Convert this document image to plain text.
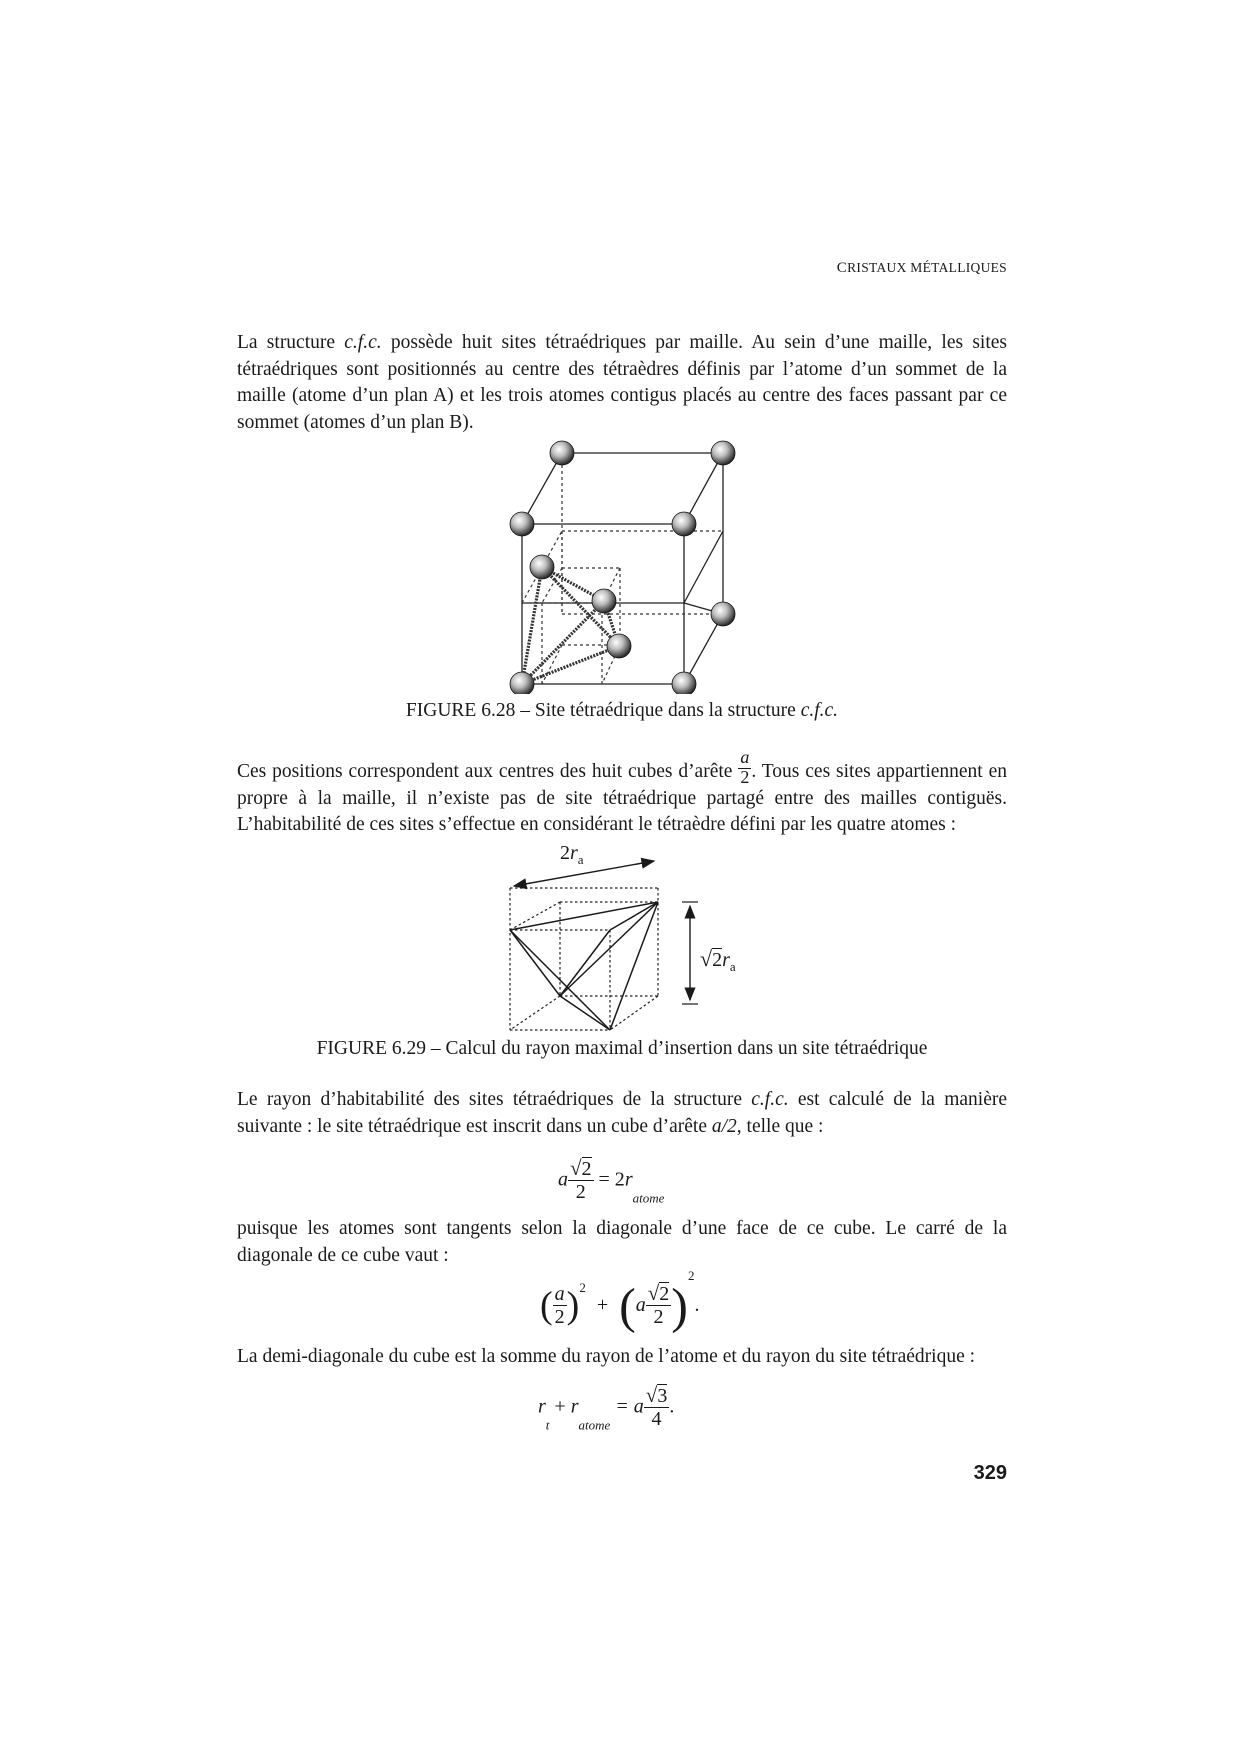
CRISTAUX MÉTALLIQUES
La structure c.f.c. possède huit sites tétraédriques par maille. Au sein d’une maille, les sites tétraédriques sont positionnés au centre des tétraèdres définis par l’atome d’un sommet de la maille (atome d’un plan A) et les trois atomes contigus placés au centre des faces passant par ce sommet (atomes d’un plan B).
FIGURE 6.28 – Site tétraédrique dans la structure c.f.c.
Ces positions correspondent aux centres des huit cubes d’arête $\frac{a}{2}$ . Tous ces sites appartiennent en propre à la maille, il n’existe pas de site tétraédrique partagé entre des mailles contiguës. L’habitabilité de ces sites s’effectue en considérant le tétraèdre défini par les quatre atomes :
$2r_a$
$√2r_a$
FIGURE 6.29 – Calcul du rayon maximal d’insertion dans un site tétraédrique
Le rayon d’habitabilité des sites tétraédriques de la structure c.f.c. est calculé de la manière suivante : le site tétraédrique est inscrit dans un cube d’arête a/2, telle que :
a $\frac{√2}{2} = 2r_{atome}$
puisque les atomes sont tangents selon la diagonale d’une face de ce cube. Le carré de la diagonale de ce cube vaut :
( $\frac{a}{2} )^2 + (a \frac{√2}{2} )^2$.
La demi-diagonale du cube est la somme du rayon de l’atome et du rayon du site tétraédrique :
$r_t + r_{atome} = a \frac{√3}{4}$ .
329
